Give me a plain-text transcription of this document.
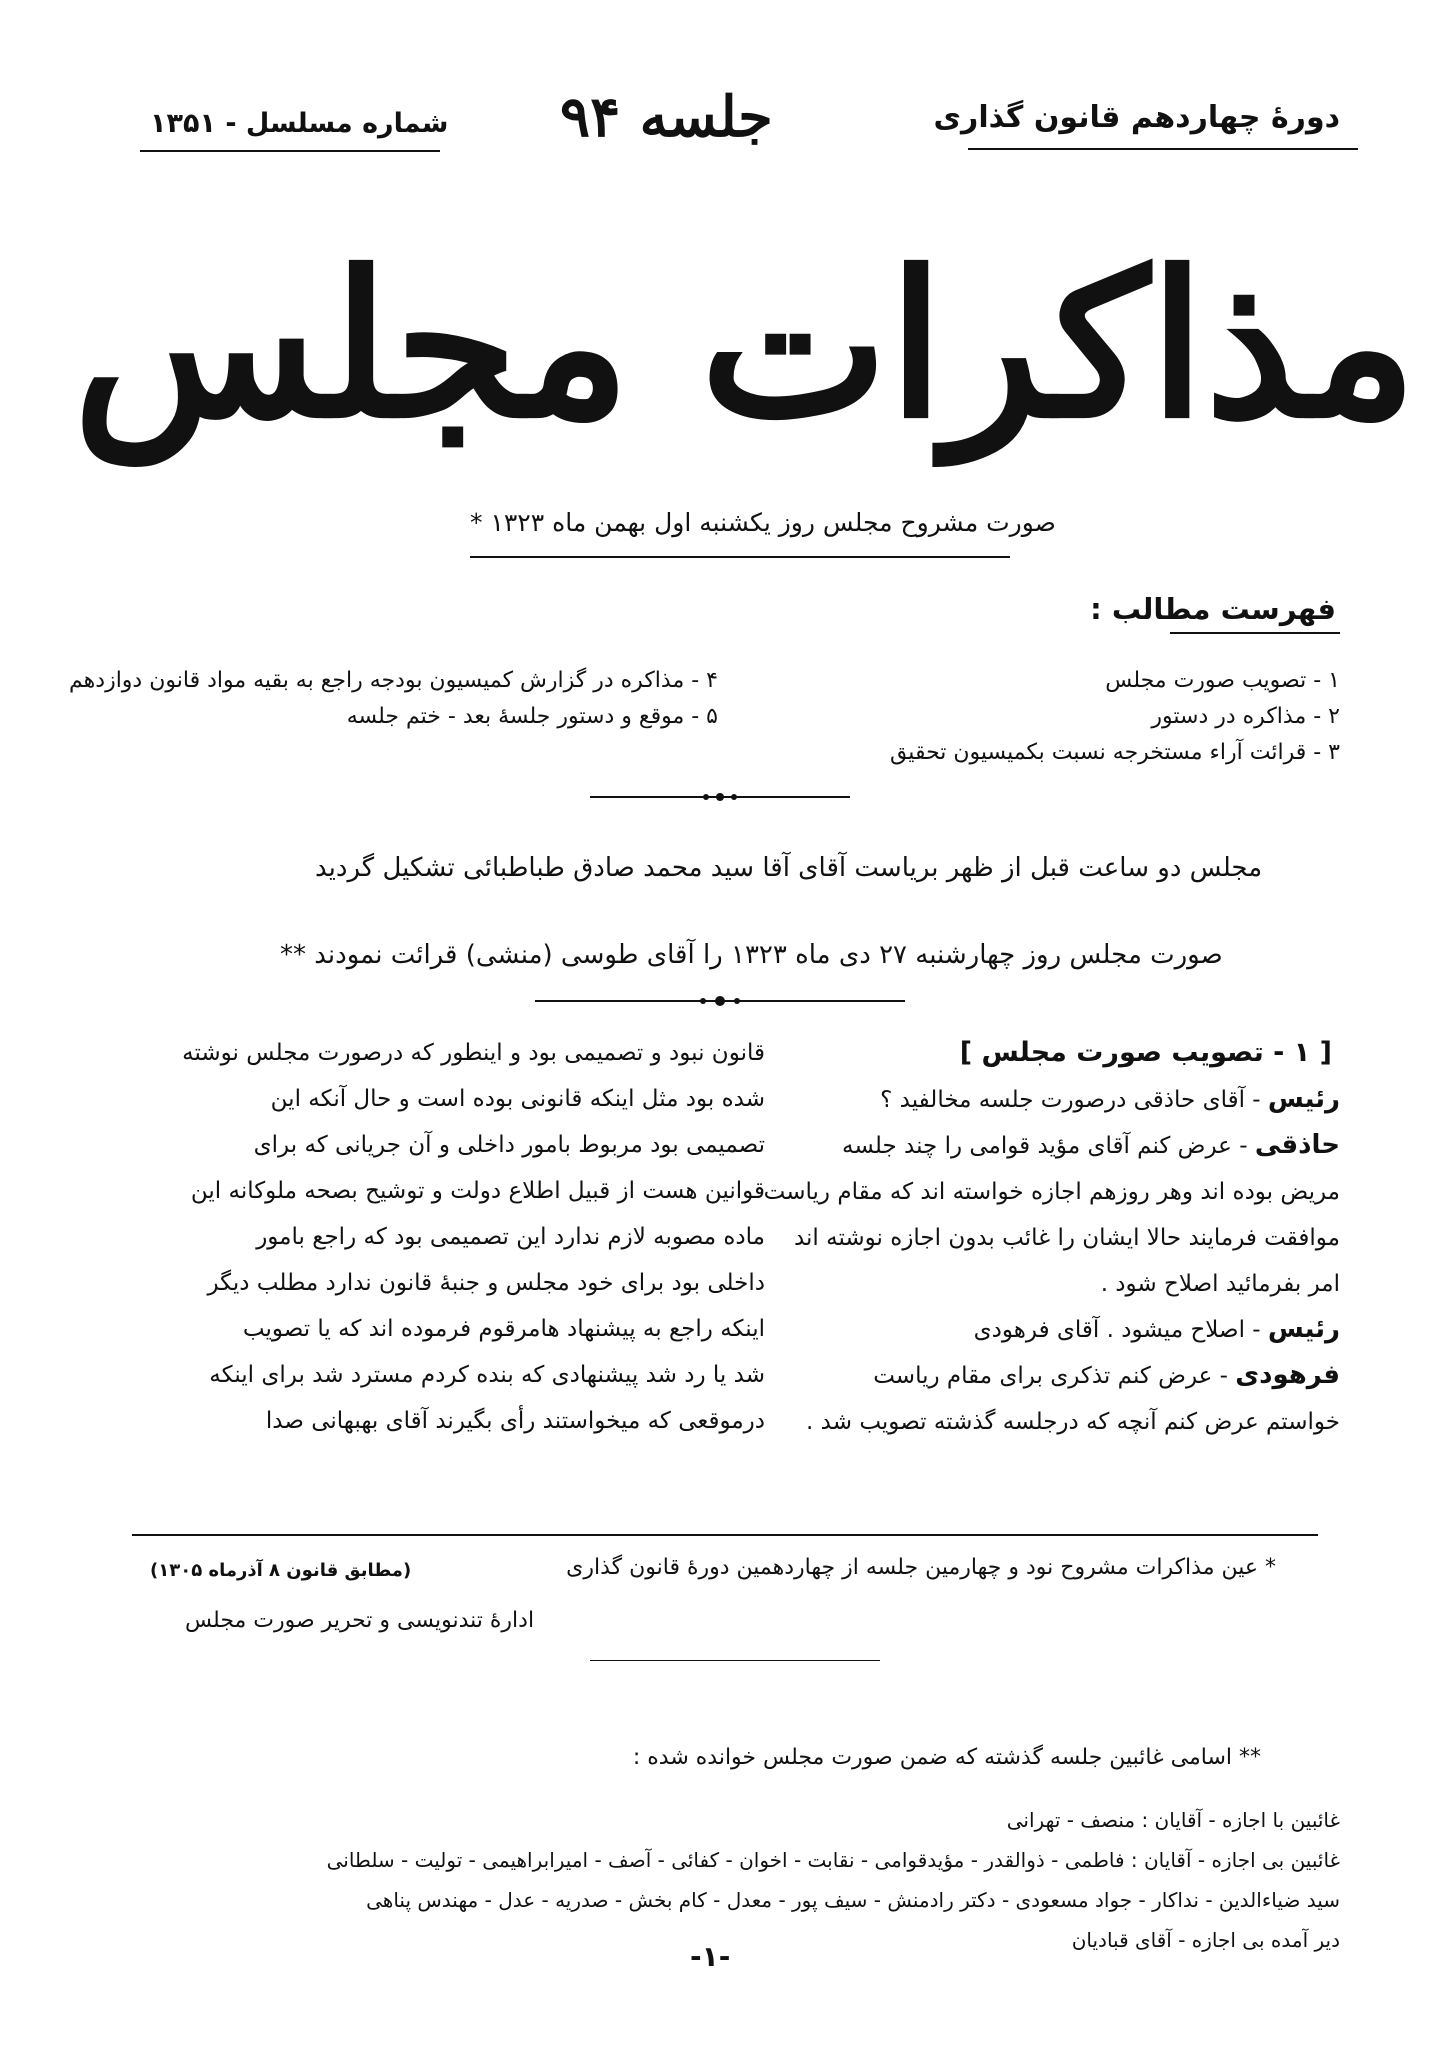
دورهٔ چهاردهم قانون گذاری
جلسه ۹۴
شماره مسلسل - ۱۳۵۱
مذاکرات مجلس
صورت مشروح مجلس روز یکشنبه اول بهمن ماه ۱۳۲۳ *
فهرست مطالب :
۱ - تصویب صورت مجلس
۲ - مذاکره در دستور
۳ - قرائت آراء مستخرجه نسبت بکمیسیون تحقیق
۴ - مذاکره در گزارش کمیسیون بودجه راجع به بقیه مواد قانون دوازدهم
۵ - موقع و دستور جلسهٔ بعد - ختم جلسه
مجلس دو ساعت قبل از ظهر بریاست آقای آقا سید محمد صادق طباطبائی تشکیل گردید
صورت مجلس روز چهارشنبه ۲۷ دی ماه ۱۳۲۳ را آقای طوسی (منشی) قرائت نمودند **
[ ۱ - تصویب صورت مجلس ]
رئیس - آقای حاذقی درصورت جلسه مخالفید ؟
حاذقی - عرض کنم آقای مؤید قوامی را چند جلسه
مریض بوده اند وهر روزهم اجازه خواسته اند که مقام ریاست
موافقت فرمایند حالا ایشان را غائب بدون اجازه نوشته اند
امر بفرمائید اصلاح شود .
رئیس - اصلاح میشود . آقای فرهودی
فرهودی - عرض کنم تذکری برای مقام ریاست
خواستم عرض کنم آنچه که درجلسه گذشته تصویب شد .
قانون نبود و تصمیمی بود و اینطور که درصورت مجلس نوشته
شده بود مثل اینکه قانونی بوده است و حال آنکه این
تصمیمی بود مربوط بامور داخلی و آن جریانی که برای
قوانین هست از قبیل اطلاع دولت و توشیح بصحه ملوکانه این
ماده مصوبه لازم ندارد این تصمیمی بود که راجع بامور
داخلی بود برای خود مجلس و جنبهٔ قانون ندارد مطلب دیگر
اینکه راجع به پیشنهاد هامرقوم فرموده اند که یا تصویب
شد یا رد شد پیشنهادی که بنده کردم مسترد شد برای اینکه
درموقعی که میخواستند رأی بگیرند آقای بهبهانی صدا
* عین مذاکرات مشروح نود و چهارمین جلسه از چهاردهمین دورهٔ قانون گذاری
(مطابق قانون ۸ آذرماه ۱۳۰۵)
ادارهٔ تندنویسی و تحریر صورت مجلس
** اسامی غائبین جلسه گذشته که ضمن صورت مجلس خوانده شده :
غائبین با اجازه - آقایان : منصف - تهرانی
غائبین بی اجازه - آقایان : فاطمی - ذوالقدر - مؤیدقوامی - نقابت - اخوان - کفائی - آصف - امیرابراهیمی - تولیت - سلطانی
سید ضیاءالدین - نداکار - جواد مسعودی - دکتر رادمنش - سیف پور - معدل - کام بخش - صدریه - عدل - مهندس پناهی
دیر آمده بی اجازه - آقای قبادیان
-۱-
